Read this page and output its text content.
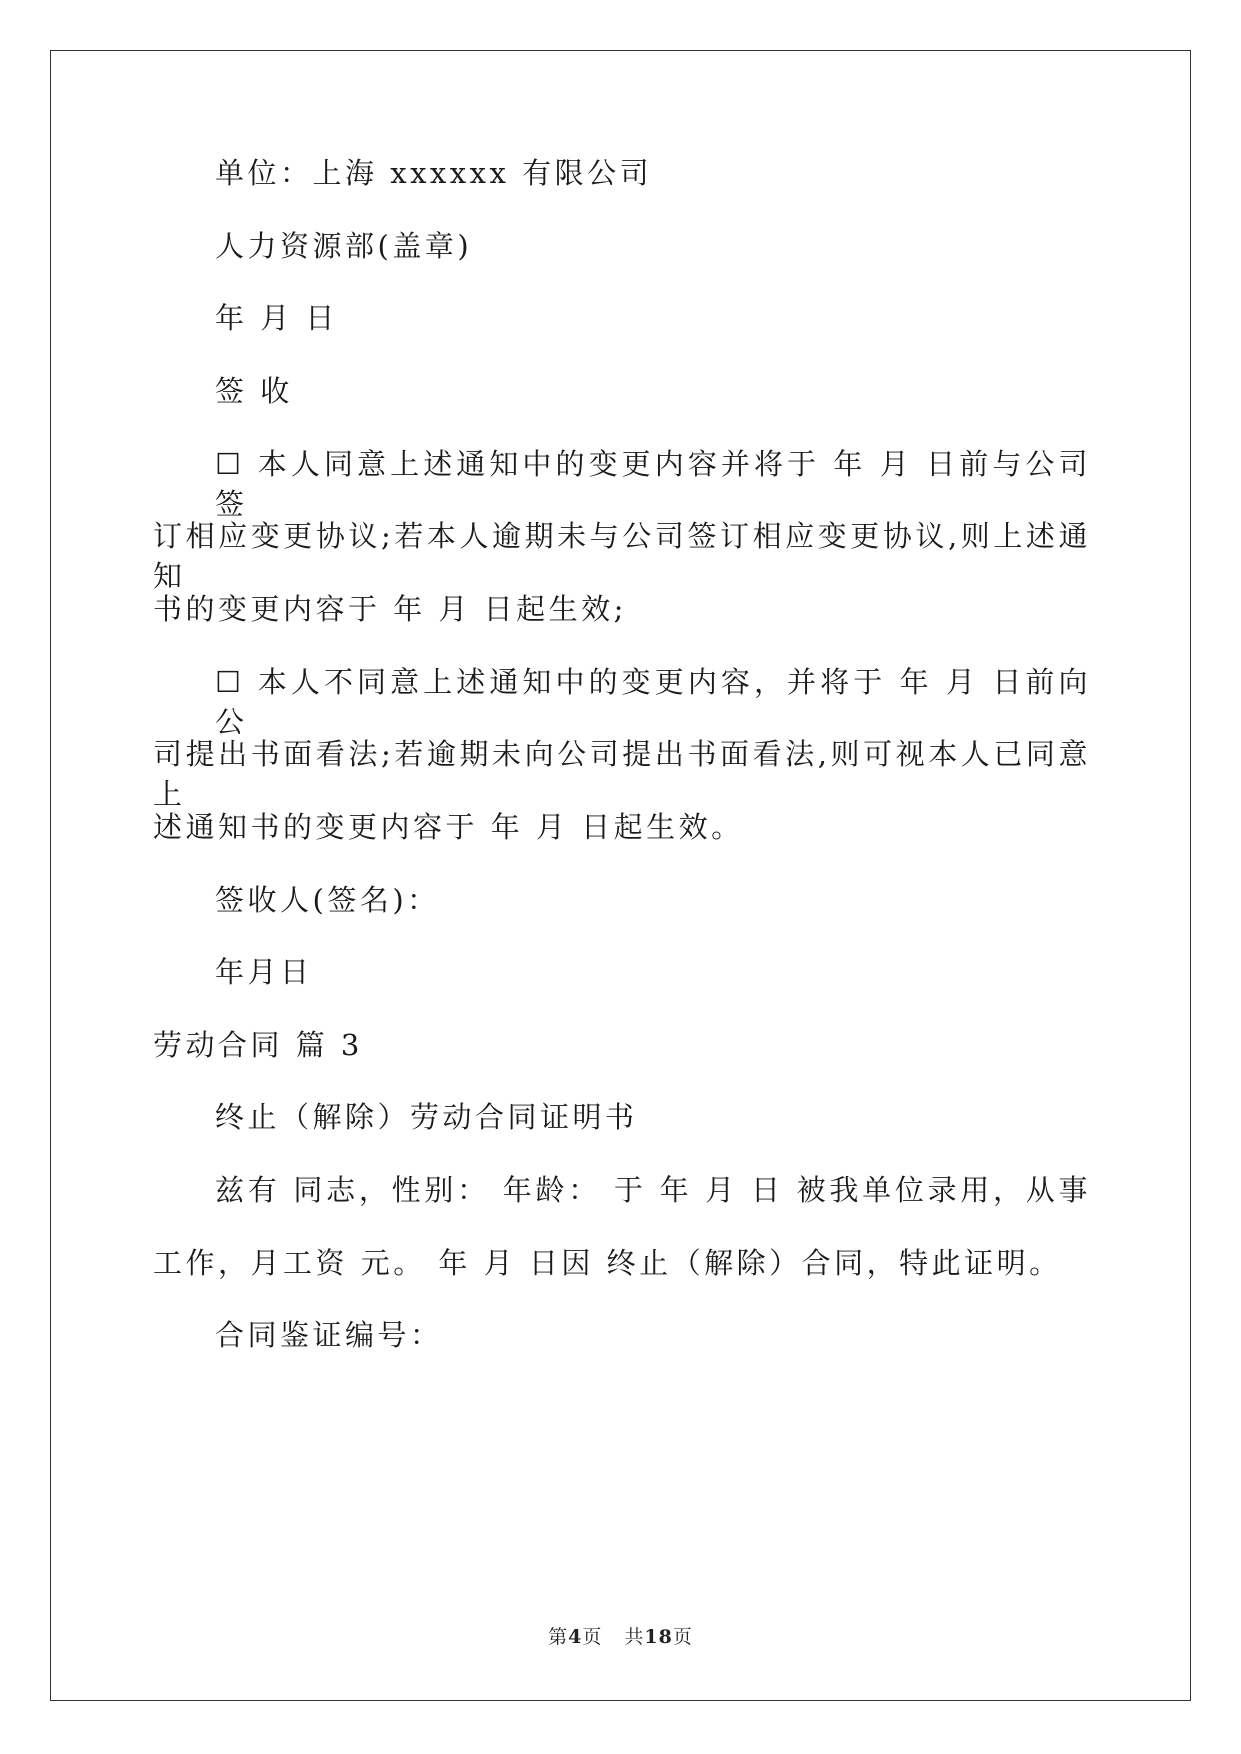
单位：上海 xxxxxx 有限公司
人力资源部(盖章)
年 月 日
签 收
☐ 本人同意上述通知中的变更内容并将于 年 月 日前与公司签
订相应变更协议;若本人逾期未与公司签订相应变更协议,则上述通知
书的变更内容于 年 月 日起生效;
☐ 本人不同意上述通知中的变更内容，并将于 年 月 日前向公
司提出书面看法;若逾期未向公司提出书面看法,则可视本人已同意上
述通知书的变更内容于 年 月 日起生效。
签收人(签名)：
年月日
劳动合同 篇 3
终止（解除）劳动合同证明书
兹有 同志，性别： 年龄： 于 年 月 日 被我单位录用，从事
工作，月工资 元。 年 月 日因 终止（解除）合同，特此证明。
合同鉴证编号：
第4页 共18页
